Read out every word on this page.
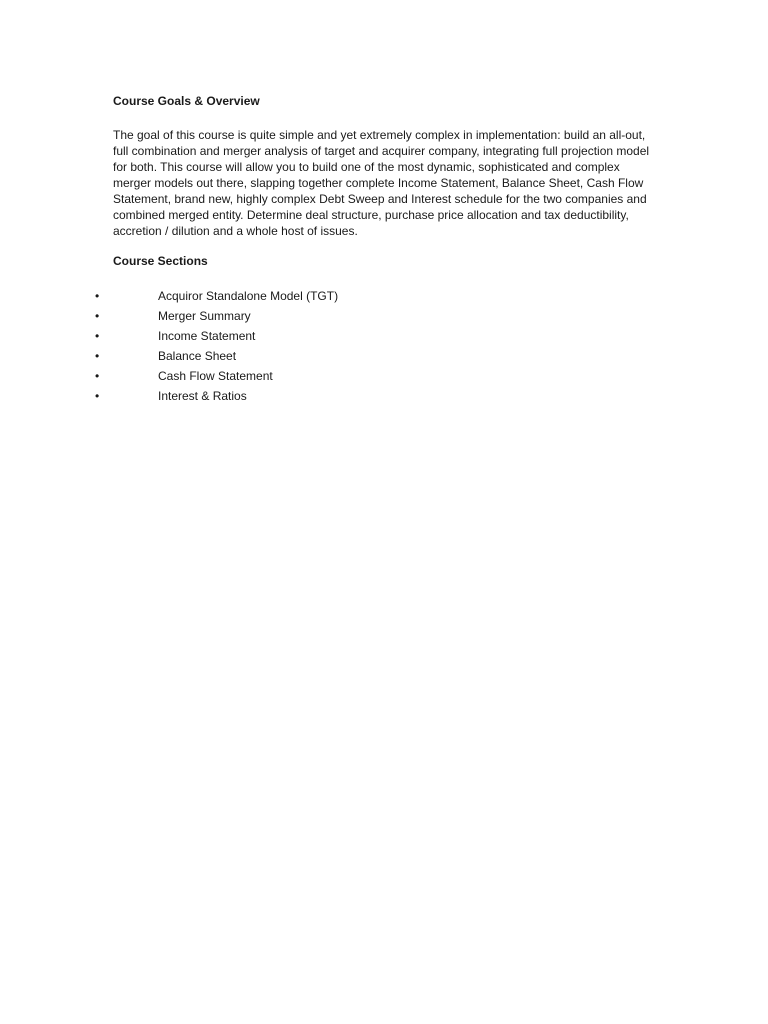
Course Goals & Overview

The goal of this course is quite simple and yet extremely complex in implementation: build an all-out, full combination and merger analysis of target and acquirer company, integrating full projection model for both. This course will allow you to build one of the most dynamic, sophisticated and complex merger models out there, slapping together complete Income Statement, Balance Sheet, Cash Flow Statement, brand new, highly complex Debt Sweep and Interest schedule for the two companies and combined merged entity. Determine deal structure, purchase price allocation and tax deductibility, accretion / dilution and a whole host of issues.

Course Sections
•	Acquiror Standalone Model (TGT)
•	Merger Summary
•	Income Statement
•	Balance Sheet
•	Cash Flow Statement
•	Interest & Ratios
